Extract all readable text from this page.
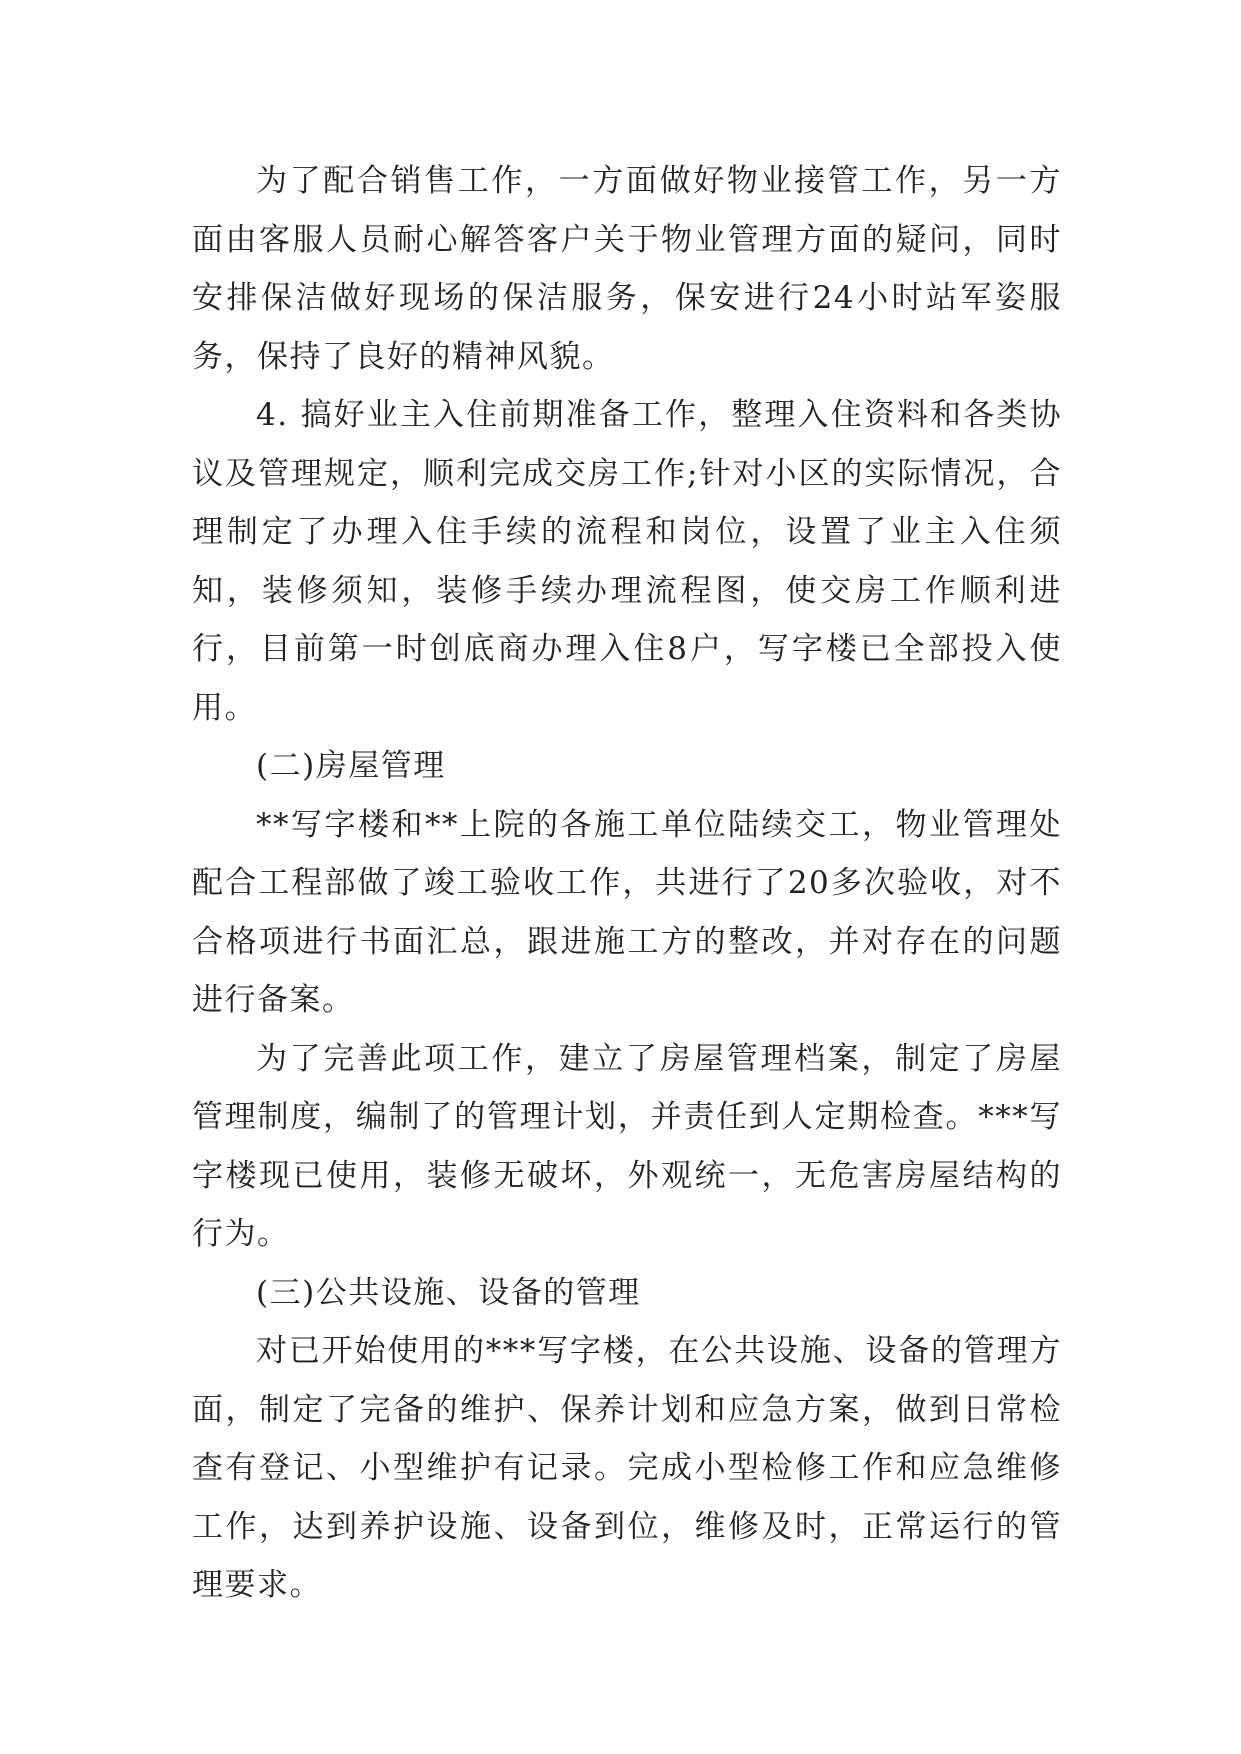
为了配合销售工作，一方面做好物业接管工作，另一方面由客服人员耐心解答客户关于物业管理方面的疑问，同时安排保洁做好现场的保洁服务，保安进行24小时站军姿服务，保持了良好的精神风貌。

4. 搞好业主入住前期准备工作，整理入住资料和各类协议及管理规定，顺利完成交房工作;针对小区的实际情况，合理制定了办理入住手续的流程和岗位，设置了业主入住须知，装修须知，装修手续办理流程图，使交房工作顺利进行，目前第一时创底商办理入住8户，写字楼已全部投入使用。

(二)房屋管理

**写字楼和**上院的各施工单位陆续交工，物业管理处配合工程部做了竣工验收工作，共进行了20多次验收，对不合格项进行书面汇总，跟进施工方的整改，并对存在的问题进行备案。

为了完善此项工作，建立了房屋管理档案，制定了房屋管理制度，编制了的管理计划，并责任到人定期检查。***写字楼现已使用，装修无破坏，外观统一，无危害房屋结构的行为。

(三)公共设施、设备的管理

对已开始使用的***写字楼，在公共设施、设备的管理方面，制定了完备的维护、保养计划和应急方案，做到日常检查有登记、小型维护有记录。完成小型检修工作和应急维修工作，达到养护设施、设备到位，维修及时，正常运行的管理要求。
